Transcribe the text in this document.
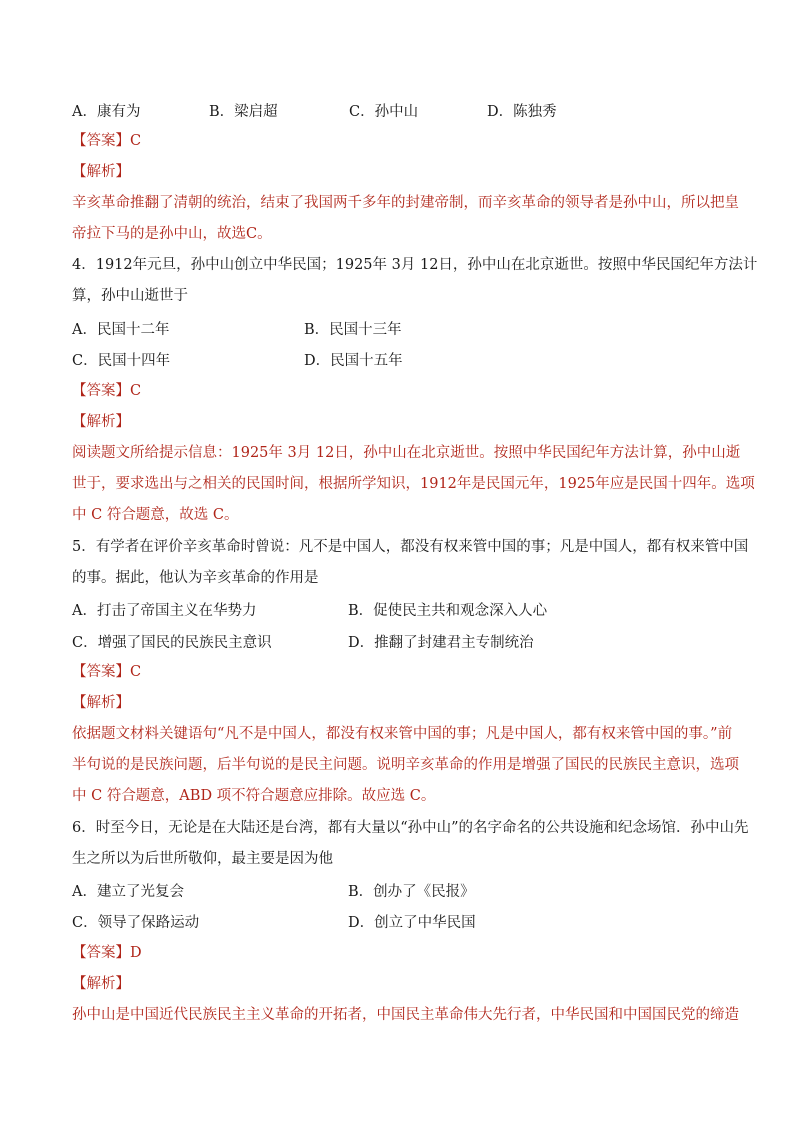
A．康有为	B．梁启超	C．孙中山	D．陈独秀
【答案】C
【解析】
辛亥革命推翻了清朝的统治，结束了我国两千多年的封建帝制，而辛亥革命的领导者是孙中山，所以把皇
帝拉下马的是孙中山，故选C。
4．1912年元旦，孙中山创立中华民国；1925年 3月 12日，孙中山在北京逝世。按照中华民国纪年方法计
算，孙中山逝世于
A．民国十二年	B．民国十三年
C．民国十四年	D．民国十五年
【答案】C
【解析】
阅读题文所给提示信息：1925年 3月 12日，孙中山在北京逝世。按照中华民国纪年方法计算，孙中山逝
世于，要求选出与之相关的民国时间，根据所学知识，1912年是民国元年，1925年应是民国十四年。选项
中 C 符合题意，故选 C。
5．有学者在评价辛亥革命时曾说：凡不是中国人，都没有权来管中国的事；凡是中国人，都有权来管中国
的事。据此，他认为辛亥革命的作用是
A．打击了帝国主义在华势力	B．促使民主共和观念深入人心
C．增强了国民的民族民主意识	D．推翻了封建君主专制统治
【答案】C
【解析】
依据题文材料关键语句“凡不是中国人，都没有权来管中国的事；凡是中国人，都有权来管中国的事。”前
半句说的是民族问题，后半句说的是民主问题。说明辛亥革命的作用是增强了国民的民族民主意识，选项
中 C 符合题意，ABD 项不符合题意应排除。故应选 C。
6．时至今日，无论是在大陆还是台湾，都有大量以“孙中山”的名字命名的公共设施和纪念场馆．孙中山先
生之所以为后世所敬仰，最主要是因为他
A．建立了光复会	B．创办了《民报》
C．领导了保路运动	D．创立了中华民国
【答案】D
【解析】
孙中山是中国近代民族民主主义革命的开拓者，中国民主革命伟大先行者，中华民国和中国国民党的缔造
